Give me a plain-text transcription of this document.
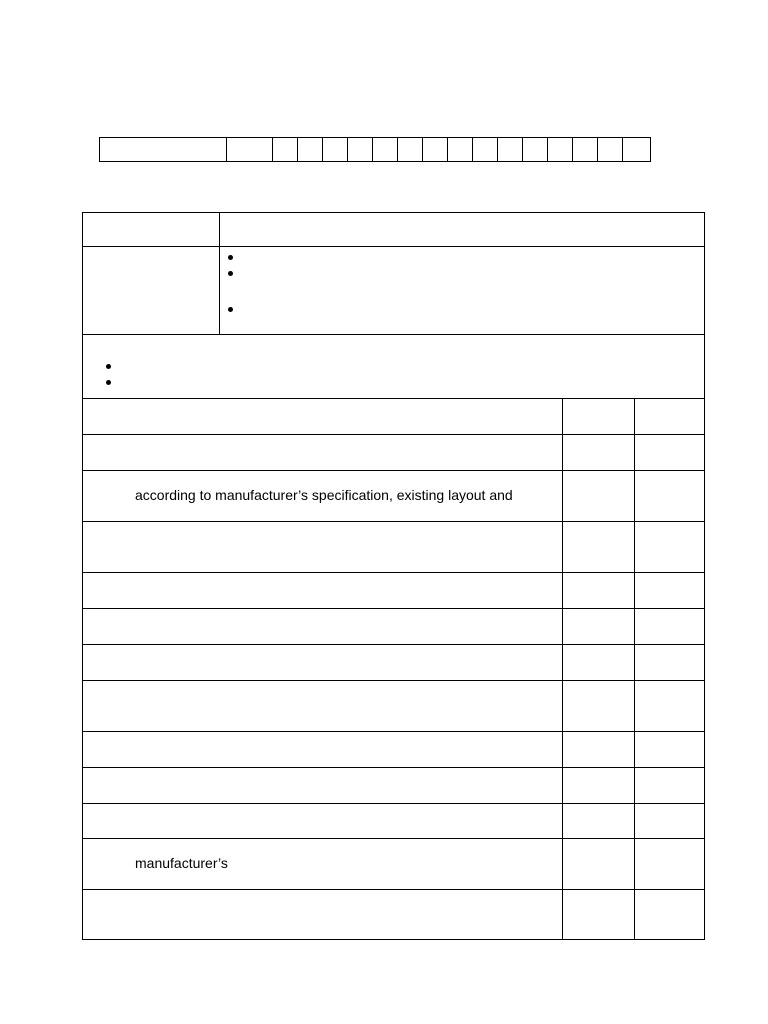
according to manufacturer’s specification, existing layout and			

manufacturer’s			
